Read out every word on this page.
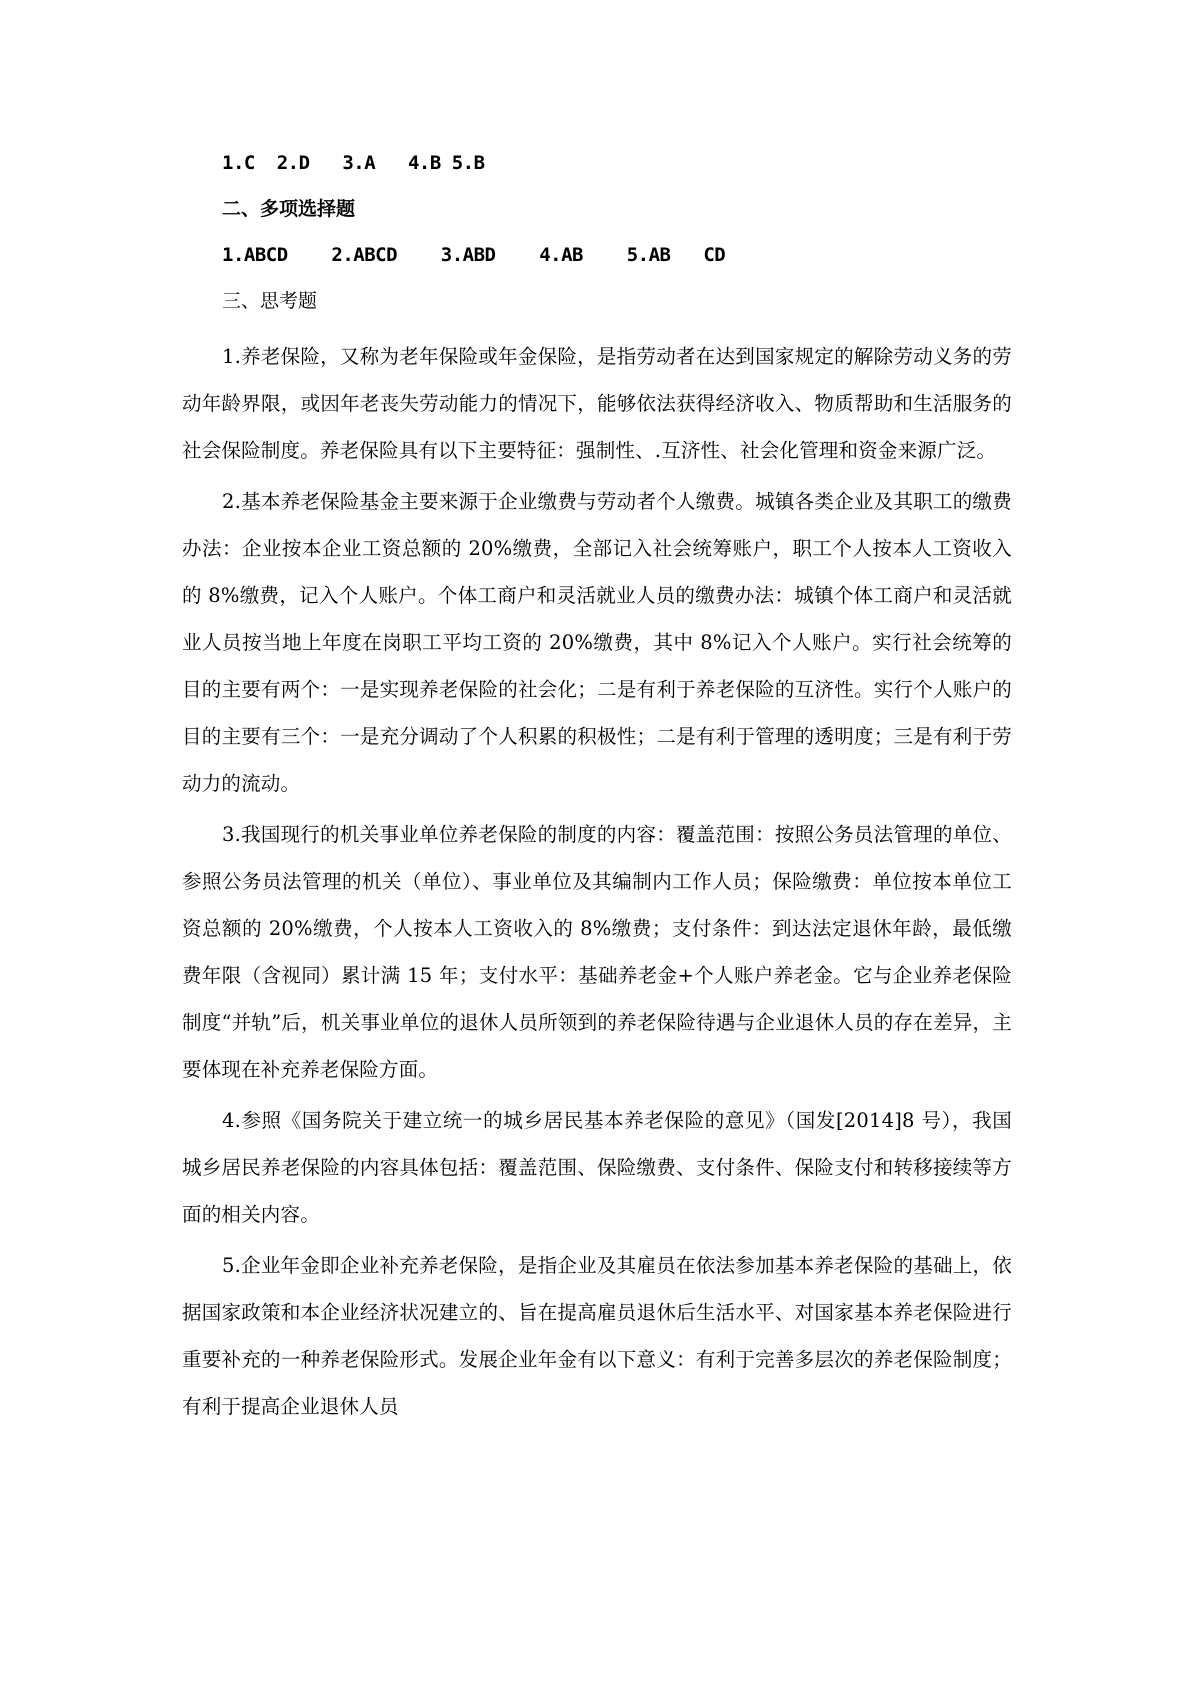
1.C  2.D   3.A   4.B 5.B
二、多项选择题
1.ABCD    2.ABCD    3.ABD    4.AB    5.AB   CD
三、思考题

1.养老保险，又称为老年保险或年金保险，是指劳动者在达到国家规定的解除劳动义务的劳动年龄界限，或因年老丧失劳动能力的情况下，能够依法获得经济收入、物质帮助和生活服务的社会保险制度。养老保险具有以下主要特征：强制性、.互济性、社会化管理和资金来源广泛。

2.基本养老保险基金主要来源于企业缴费与劳动者个人缴费。城镇各类企业及其职工的缴费办法：企业按本企业工资总额的 20%缴费，全部记入社会统筹账户，职工个人按本人工资收入的 8%缴费，记入个人账户。个体工商户和灵活就业人员的缴费办法：城镇个体工商户和灵活就业人员按当地上年度在岗职工平均工资的 20%缴费，其中 8%记入个人账户。实行社会统筹的目的主要有两个：一是实现养老保险的社会化；二是有利于养老保险的互济性。实行个人账户的目的主要有三个：一是充分调动了个人积累的积极性；二是有利于管理的透明度；三是有利于劳动力的流动。

3.我国现行的机关事业单位养老保险的制度的内容：覆盖范围：按照公务员法管理的单位、参照公务员法管理的机关（单位）、事业单位及其编制内工作人员；保险缴费：单位按本单位工资总额的 20%缴费，个人按本人工资收入的 8%缴费；支付条件：到达法定退休年龄，最低缴费年限（含视同）累计满 15 年；支付水平：基础养老金+个人账户养老金。它与企业养老保险制度“并轨”后，机关事业单位的退休人员所领到的养老保险待遇与企业退休人员的存在差异，主要体现在补充养老保险方面。

4.参照《国务院关于建立统一的城乡居民基本养老保险的意见》（国发[2014]8 号），我国城乡居民养老保险的内容具体包括：覆盖范围、保险缴费、支付条件、保险支付和转移接续等方面的相关内容。

5.企业年金即企业补充养老保险，是指企业及其雇员在依法参加基本养老保险的基础上，依据国家政策和本企业经济状况建立的、旨在提高雇员退休后生活水平、对国家基本养老保险进行重要补充的一种养老保险形式。发展企业年金有以下意义：有利于完善多层次的养老保险制度；有利于提高企业退休人员
